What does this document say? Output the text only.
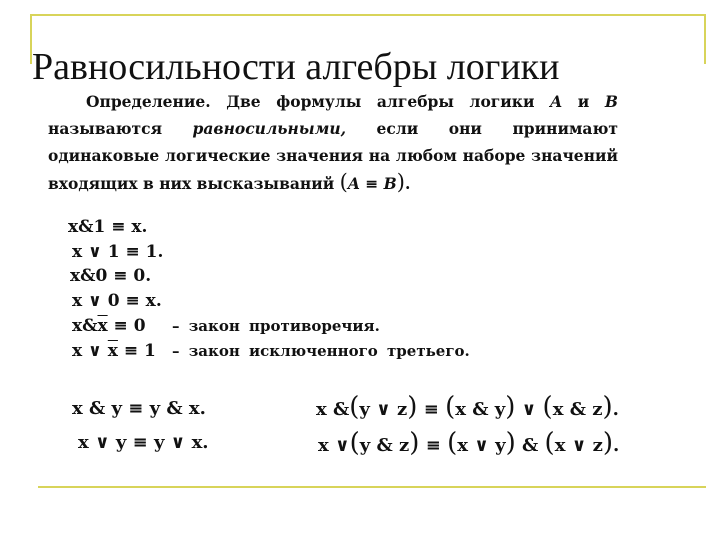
Равносильности алгебры логики
Определение. Две формулы алгебры логики A и B называются равносильными, если они принимают одинаковые логические значения на любом наборе значений входящих в них высказываний (A ≡ B).
x&1 ≡ x.
x ∨ 1 ≡ 1.
x&0 ≡ 0.
x ∨ 0 ≡ x.
$x\&\overline{x} \equiv 0$ – закон противоречия.
x ∨ $\overline{x} \equiv 1$ – закон исключенного третьего.
x & y ≡ y & x.
x ∨ y ≡ y ∨ x.
x &(y ∨ z) ≡ (x & y) ∨ (x & z).
x ∨(y & z) ≡ (x ∨ y) & (x ∨ z).
